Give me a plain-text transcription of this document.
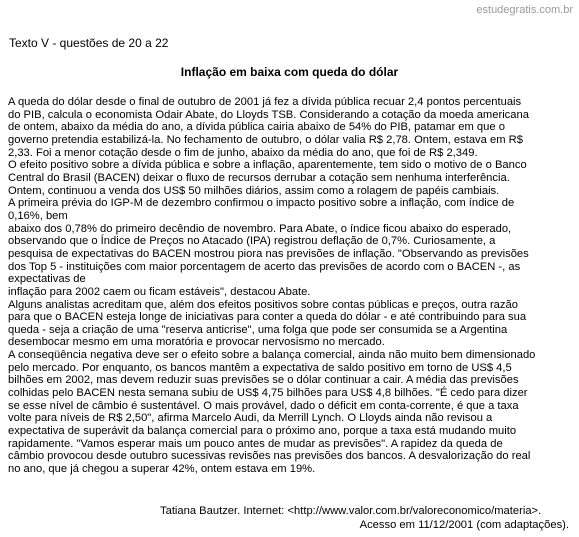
estudegratis.com.br
Texto V - questões de 20 a 22
Inflação em baixa com queda do dólar
A queda do dólar desde o final de outubro de 2001 já fez a dívida pública recuar 2,4 pontos percentuais
do PIB, calcula o economista Odair Abate, do Lloyds TSB. Considerando a cotação da moeda americana
de ontem, abaixo da média do ano, a dívida pública cairia abaixo de 54% do PIB, patamar em que o
governo pretendia estabilizá-la. No fechamento de outubro, o dólar valia R$ 2,78. Ontem, estava em R$
2,33. Foi a menor cotação desde o fim de junho, abaixo da média do ano, que foi de R$ 2,349.
O efeito positivo sobre a dívida pública e sobre a inflação, aparentemente, tem sido o motivo de o Banco
Central do Brasil (BACEN) deixar o fluxo de recursos derrubar a cotação sem nenhuma interferência.
Ontem, continuou a venda dos US$ 50 milhões diários, assim como a rolagem de papéis cambiais.
A primeira prévia do IGP-M de dezembro confirmou o impacto positivo sobre a inflação, com índice de
0,16%, bem
abaixo dos 0,78% do primeiro decêndio de novembro. Para Abate, o índice ficou abaixo do esperado,
observando que o Índice de Preços no Atacado (IPA) registrou deflação de 0,7%. Curiosamente, a
pesquisa de expectativas do BACEN mostrou piora nas previsões de inflação. "Observando as previsões
dos Top 5 - instituições com maior porcentagem de acerto das previsões de acordo com o BACEN -, as
expectativas de
inflação para 2002 caem ou ficam estáveis", destacou Abate.
Alguns analistas acreditam que, além dos efeitos positivos sobre contas públicas e preços, outra razão
para que o BACEN esteja longe de iniciativas para conter a queda do dólar - e até contribuindo para sua
queda - seja a criação de uma "reserva anticrise", uma folga que pode ser consumida se a Argentina
desembocar mesmo em uma moratória e provocar nervosismo no mercado.
A conseqüência negativa deve ser o efeito sobre a balança comercial, ainda não muito bem dimensionado
pelo mercado. Por enquanto, os bancos mantêm a expectativa de saldo positivo em torno de US$ 4,5
bilhões em 2002, mas devem reduzir suas previsões se o dólar continuar a cair. A média das previsões
colhidas pelo BACEN nesta semana subiu de US$ 4,75 bilhões para US$ 4,8 bilhões. "É cedo para dizer
se esse nível de câmbio é sustentável. O mais provável, dado o déficit em conta-corrente, é que a taxa
volte para níveis de R$ 2,50", afirma Marcelo Audi, da Merrill Lynch. O Lloyds ainda não revisou a
expectativa de superávit da balança comercial para o próximo ano, porque a taxa está mudando muito
rapidamente. "Vamos esperar mais um pouco antes de mudar as previsões". A rapidez da queda de
câmbio provocou desde outubro sucessivas revisões nas previsões dos bancos. A desvalorização do real
no ano, que já chegou a superar 42%, ontem estava em 19%.
Tatiana Bautzer. Internet: <http://www.valor.com.br/valoreconomico/materia>.
Acesso em 11/12/2001 (com adaptações).
